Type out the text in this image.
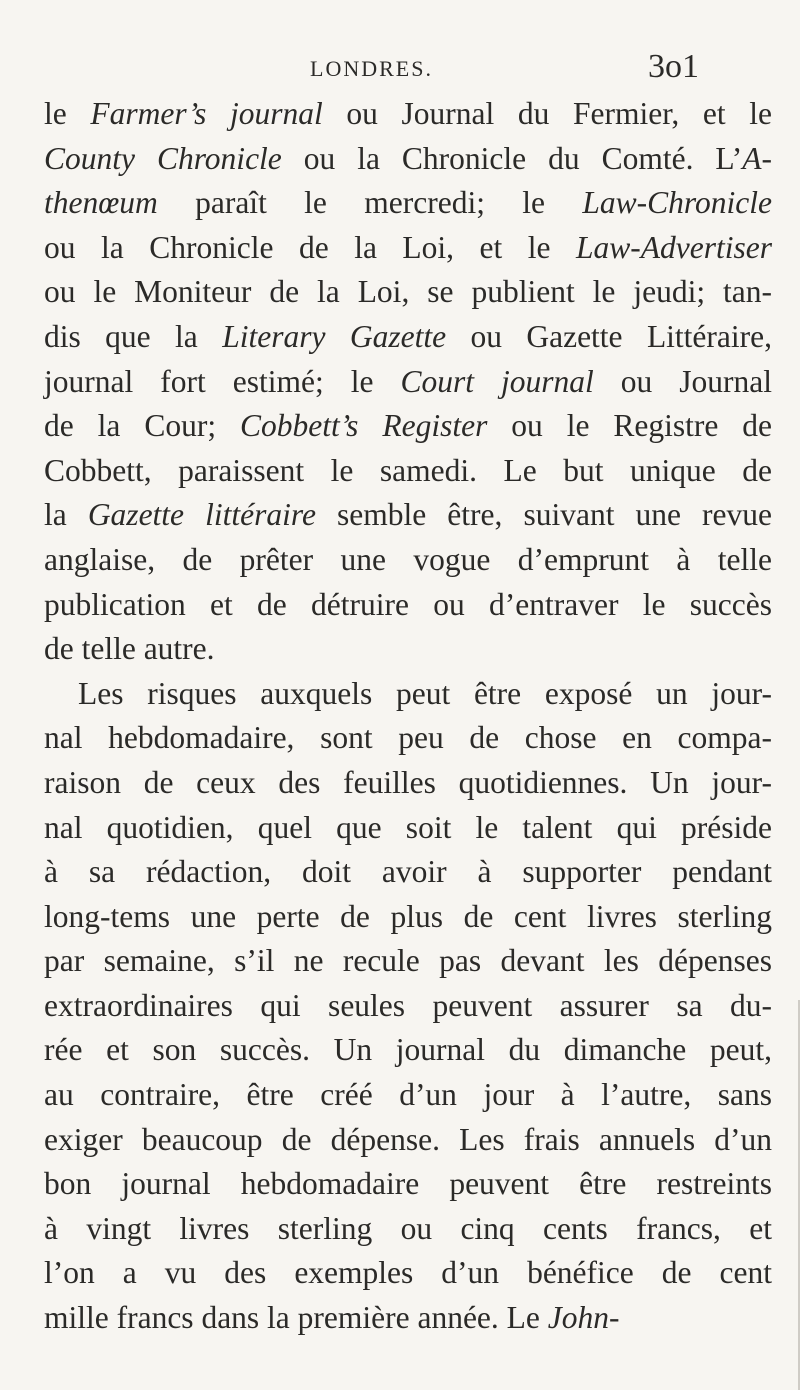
LONDRES.	3o1
le Farmer’s journal ou Journal du Fermier, et le
County Chronicle ou la Chronicle du Comté. L’A-
thenœum paraît le mercredi; le Law-Chronicle
ou la Chronicle de la Loi, et le Law-Advertiser
ou le Moniteur de la Loi, se publient le jeudi; tan-
dis que la Literary Gazette ou Gazette Littéraire,
journal fort estimé; le Court journal ou Journal
de la Cour; Cobbett’s Register ou le Registre de
Cobbett, paraissent le samedi. Le but unique de
la Gazette littéraire semble être, suivant une revue
anglaise, de prêter une vogue d’emprunt à telle
publication et de détruire ou d’entraver le succès
de telle autre.
Les risques auxquels peut être exposé un jour-
nal hebdomadaire, sont peu de chose en compa-
raison de ceux des feuilles quotidiennes. Un jour-
nal quotidien, quel que soit le talent qui préside
à sa rédaction, doit avoir à supporter pendant
long-tems une perte de plus de cent livres sterling
par semaine, s’il ne recule pas devant les dépenses
extraordinaires qui seules peuvent assurer sa du-
rée et son succès. Un journal du dimanche peut,
au contraire, être créé d’un jour à l’autre, sans
exiger beaucoup de dépense. Les frais annuels d’un
bon journal hebdomadaire peuvent être restreints
à vingt livres sterling ou cinq cents francs, et
l’on a vu des exemples d’un bénéfice de cent
mille francs dans la première année. Le John-
